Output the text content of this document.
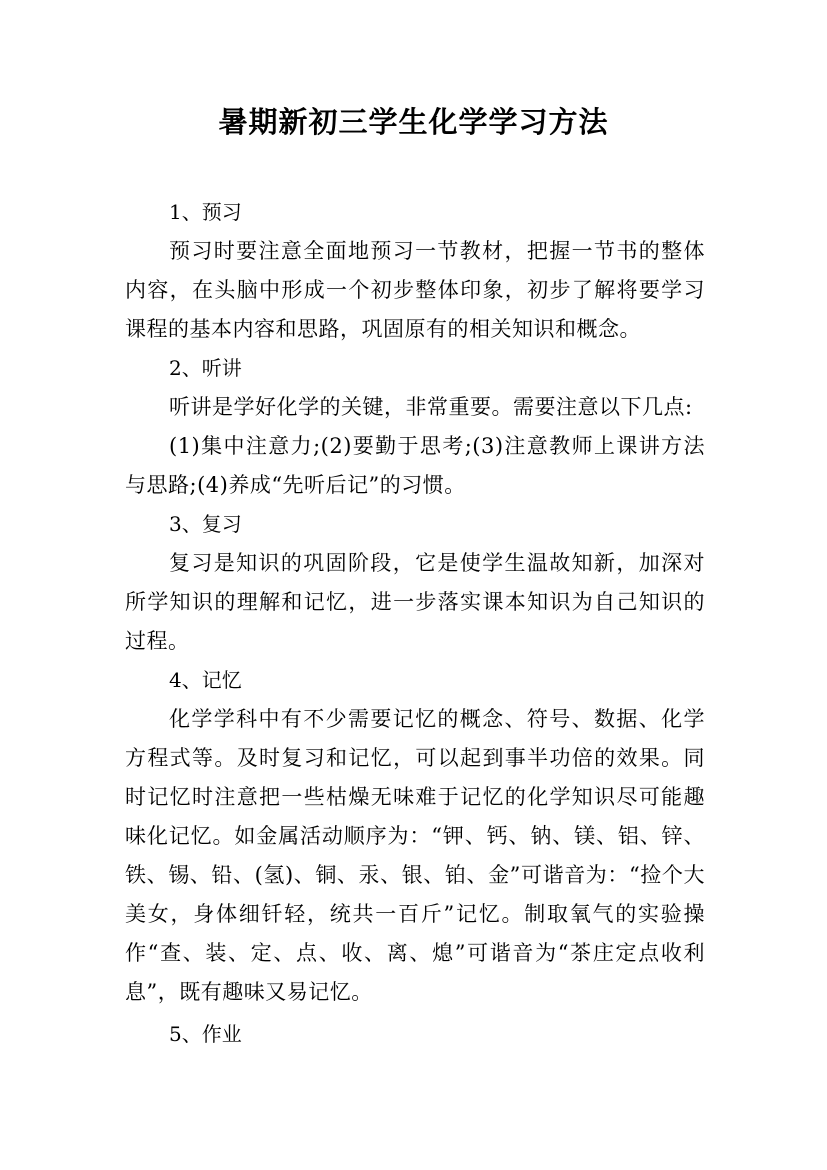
暑期新初三学生化学学习方法
1、预习
预习时要注意全面地预习一节教材，把握一节书的整体内容，在头脑中形成一个初步整体印象，初步了解将要学习课程的基本内容和思路，巩固原有的相关知识和概念。
2、听讲
听讲是学好化学的关键，非常重要。需要注意以下几点:
(1)集中注意力;(2)要勤于思考;(3)注意教师上课讲方法与思路;(4)养成“先听后记”的习惯。
3、复习
复习是知识的巩固阶段，它是使学生温故知新，加深对所学知识的理解和记忆，进一步落实课本知识为自己知识的过程。
4、记忆
化学学科中有不少需要记忆的概念、符号、数据、化学方程式等。及时复习和记忆，可以起到事半功倍的效果。同时记忆时注意把一些枯燥无味难于记忆的化学知识尽可能趣味化记忆。如金属活动顺序为：“钾、钙、钠、镁、铝、锌、铁、锡、铅、(氢)、铜、汞、银、铂、金”可谐音为：“捡个大美女，身体细钎轻，统共一百斤”记忆。制取氧气的实验操作“查、装、定、点、收、离、熄”可谐音为“茶庄定点收利息”，既有趣味又易记忆。
5、作业
